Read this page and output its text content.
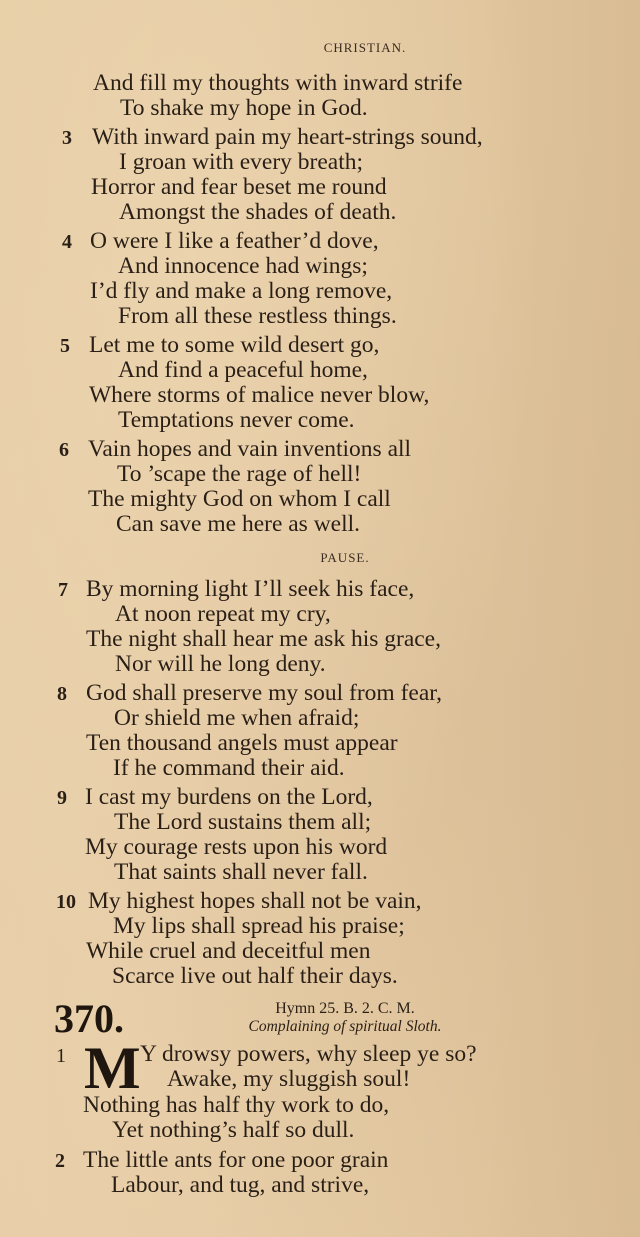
CHRISTIAN.
And fill my thoughts with inward strife
To shake my hope in God.
3 With inward pain my heart-strings sound,
I groan with every breath;
Horror and fear beset me round
Amongst the shades of death.
4 O were I like a feather’d dove,
And innocence had wings;
I’d fly and make a long remove,
From all these restless things.
5 Let me to some wild desert go,
And find a peaceful home,
Where storms of malice never blow,
Temptations never come.
6 Vain hopes and vain inventions all
To ’scape the rage of hell!
The mighty God on whom I call
Can save me here as well.
PAUSE.
7 By morning light I’ll seek his face,
At noon repeat my cry,
The night shall hear me ask his grace,
Nor will he long deny.
8 God shall preserve my soul from fear,
Or shield me when afraid;
Ten thousand angels must appear
If he command their aid.
9 I cast my burdens on the Lord,
The Lord sustains them all;
My courage rests upon his word
That saints shall never fall.
10 My highest hopes shall not be vain,
My lips shall spread his praise;
While cruel and deceitful men
Scarce live out half their days.
370.	Hymn 25. B. 2. C. M.
Complaining of spiritual Sloth.
1 M Y drowsy powers, why sleep ye so?
Awake, my sluggish soul!
Nothing has half thy work to do,
Yet nothing’s half so dull.
2 The little ants for one poor grain
Labour, and tug, and strive,
